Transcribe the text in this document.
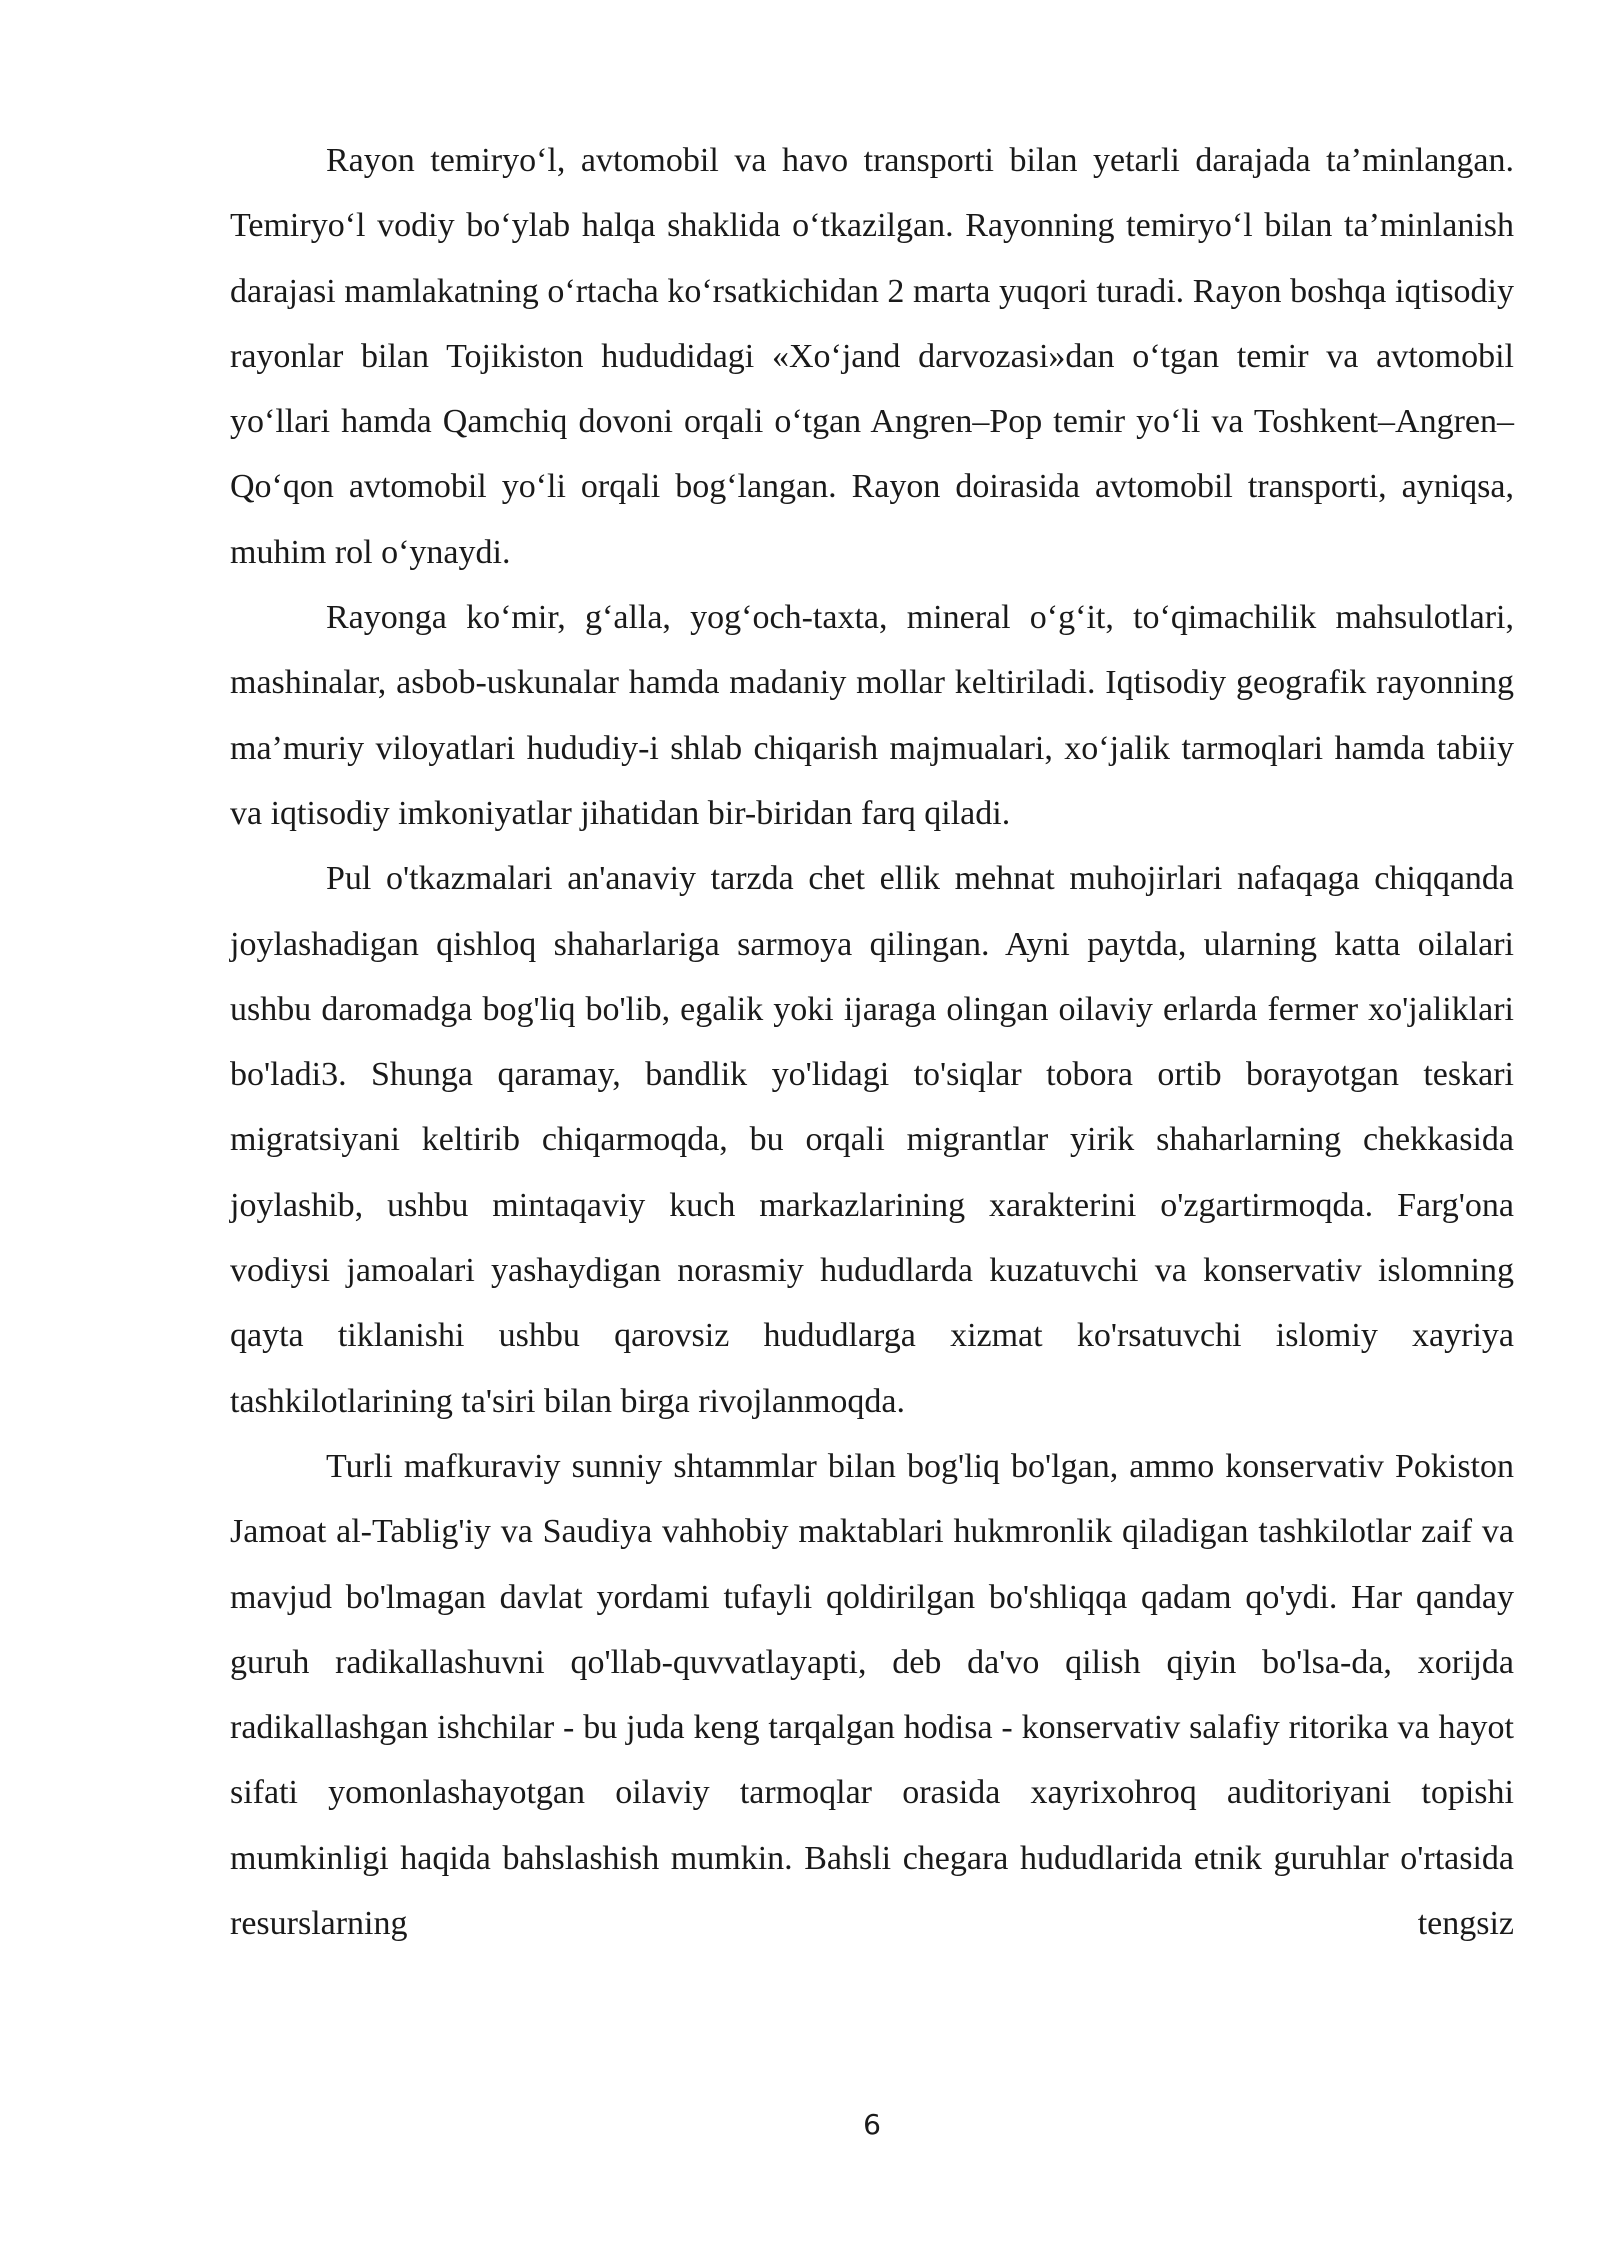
Rayon temiryo‘l, avtomobil va havo transporti bilan yetarli darajada ta’minlangan. Temiryo‘l vodiy bo‘ylab halqa shaklida o‘tkazilgan. Rayonning temiryo‘l bilan ta’minlanish darajasi mamlakatning o‘rtacha ko‘rsatkichidan 2 marta yuqori turadi. Rayon boshqa iqtisodiy rayonlar bilan Tojikiston hududidagi «Xo‘jand darvozasi»dan o‘tgan temir va avtomobil yo‘llari hamda Qamchiq dovoni orqali o‘tgan Angren–Pop temir yo‘li va Toshkent–Angren–Qo‘qon avtomobil yo‘li orqali bog‘langan. Rayon doirasida avtomobil transporti, ayniqsa, muhim rol o‘ynaydi.

Rayonga ko‘mir, g‘alla, yog‘och-taxta, mineral o‘g‘it, to‘qimachilik mahsulotlari, mashinalar, asbob-uskunalar hamda madaniy mollar keltiriladi. Iqtisodiy geografik rayonning ma’muriy viloyatlari hududiy-i shlab chiqarish majmualari, xo‘jalik tarmoqlari hamda tabiiy va iqtisodiy imkoniyatlar jihatidan bir-biridan farq qiladi.

Pul o'tkazmalari an'anaviy tarzda chet ellik mehnat muhojirlari nafaqaga chiqqanda joylashadigan qishloq shaharlariga sarmoya qilingan. Ayni paytda, ularning katta oilalari ushbu daromadga bog'liq bo'lib, egalik yoki ijaraga olingan oilaviy erlarda fermer xo'jaliklari bo'ladi3. Shunga qaramay, bandlik yo'lidagi to'siqlar tobora ortib borayotgan teskari migratsiyani keltirib chiqarmoqda, bu orqali migrantlar yirik shaharlarning chekkasida joylashib, ushbu mintaqaviy kuch markazlarining xarakterini o'zgartirmoqda. Farg'ona vodiysi jamoalari yashaydigan norasmiy hududlarda kuzatuvchi va konservativ islomning qayta tiklanishi ushbu qarovsiz hududlarga xizmat ko'rsatuvchi islomiy xayriya tashkilotlarining ta'siri bilan birga rivojlanmoqda.

Turli mafkuraviy sunniy shtammlar bilan bog'liq bo'lgan, ammo konservativ Pokiston Jamoat al-Tablig'iy va Saudiya vahhobiy maktablari hukmronlik qiladigan tashkilotlar zaif va mavjud bo'lmagan davlat yordami tufayli qoldirilgan bo'shliqqa qadam qo'ydi. Har qanday guruh radikallashuvni qo'llab-quvvatlayapti, deb da'vo qilish qiyin bo'lsa-da, xorijda radikallashgan ishchilar - bu juda keng tarqalgan hodisa - konservativ salafiy ritorika va hayot sifati yomonlashayotgan oilaviy tarmoqlar orasida xayrixohroq auditoriyani topishi mumkinligi haqida bahslashish mumkin. Bahsli chegara hududlarida etnik guruhlar o'rtasida resurslarning tengsiz

6
